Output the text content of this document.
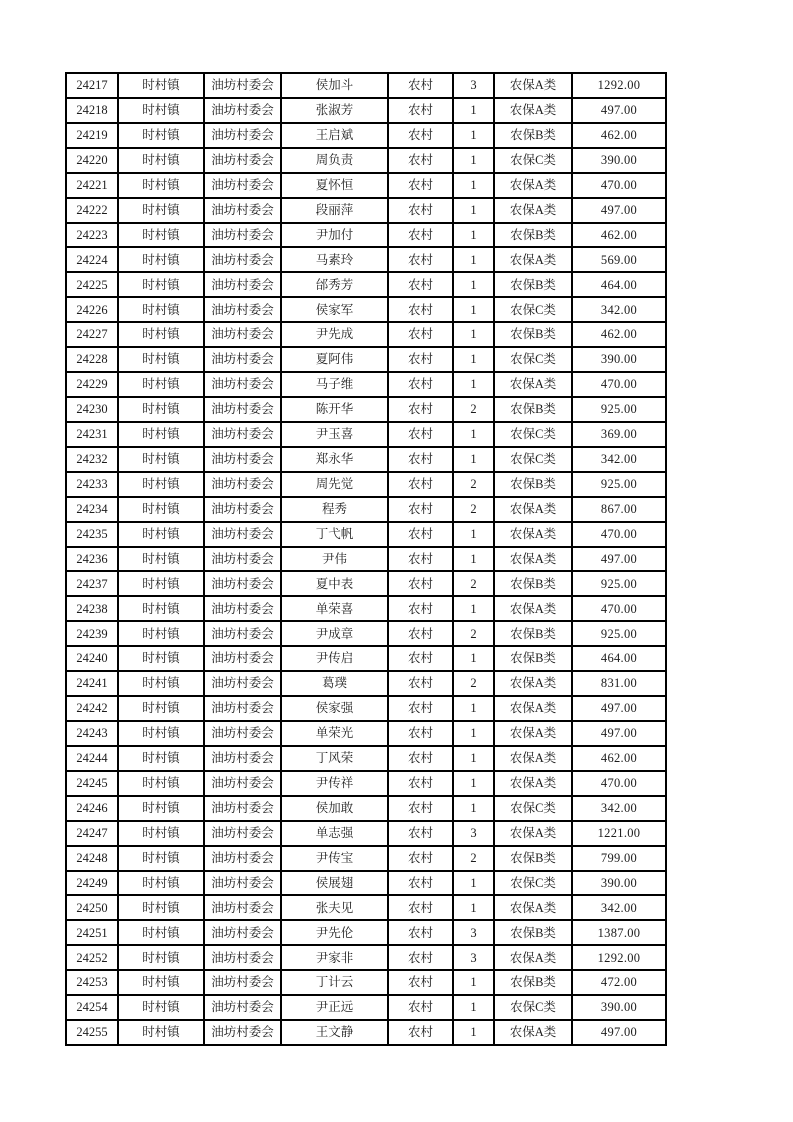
24217	时村镇	油坊村委会	侯加斗	农村	3	农保A类	1292.00
24218	时村镇	油坊村委会	张淑芳	农村	1	农保A类	497.00
24219	时村镇	油坊村委会	王启斌	农村	1	农保B类	462.00
24220	时村镇	油坊村委会	周负责	农村	1	农保C类	390.00
24221	时村镇	油坊村委会	夏怀恒	农村	1	农保A类	470.00
24222	时村镇	油坊村委会	段丽萍	农村	1	农保A类	497.00
24223	时村镇	油坊村委会	尹加付	农村	1	农保B类	462.00
24224	时村镇	油坊村委会	马素玲	农村	1	农保A类	569.00
24225	时村镇	油坊村委会	邰秀芳	农村	1	农保B类	464.00
24226	时村镇	油坊村委会	侯家军	农村	1	农保C类	342.00
24227	时村镇	油坊村委会	尹先成	农村	1	农保B类	462.00
24228	时村镇	油坊村委会	夏阿伟	农村	1	农保C类	390.00
24229	时村镇	油坊村委会	马子维	农村	1	农保A类	470.00
24230	时村镇	油坊村委会	陈开华	农村	2	农保B类	925.00
24231	时村镇	油坊村委会	尹玉喜	农村	1	农保C类	369.00
24232	时村镇	油坊村委会	郑永华	农村	1	农保C类	342.00
24233	时村镇	油坊村委会	周先觉	农村	2	农保B类	925.00
24234	时村镇	油坊村委会	程秀	农村	2	农保A类	867.00
24235	时村镇	油坊村委会	丁弋帆	农村	1	农保A类	470.00
24236	时村镇	油坊村委会	尹伟	农村	1	农保A类	497.00
24237	时村镇	油坊村委会	夏中表	农村	2	农保B类	925.00
24238	时村镇	油坊村委会	单荣喜	农村	1	农保A类	470.00
24239	时村镇	油坊村委会	尹成章	农村	2	农保B类	925.00
24240	时村镇	油坊村委会	尹传启	农村	1	农保B类	464.00
24241	时村镇	油坊村委会	葛璞	农村	2	农保A类	831.00
24242	时村镇	油坊村委会	侯家强	农村	1	农保A类	497.00
24243	时村镇	油坊村委会	单荣光	农村	1	农保A类	497.00
24244	时村镇	油坊村委会	丁风荣	农村	1	农保A类	462.00
24245	时村镇	油坊村委会	尹传祥	农村	1	农保A类	470.00
24246	时村镇	油坊村委会	侯加敢	农村	1	农保C类	342.00
24247	时村镇	油坊村委会	单志强	农村	3	农保A类	1221.00
24248	时村镇	油坊村委会	尹传宝	农村	2	农保B类	799.00
24249	时村镇	油坊村委会	侯展翅	农村	1	农保C类	390.00
24250	时村镇	油坊村委会	张夫见	农村	1	农保A类	342.00
24251	时村镇	油坊村委会	尹先伦	农村	3	农保B类	1387.00
24252	时村镇	油坊村委会	尹家非	农村	3	农保A类	1292.00
24253	时村镇	油坊村委会	丁计云	农村	1	农保B类	472.00
24254	时村镇	油坊村委会	尹正远	农村	1	农保C类	390.00
24255	时村镇	油坊村委会	王文静	农村	1	农保A类	497.00
